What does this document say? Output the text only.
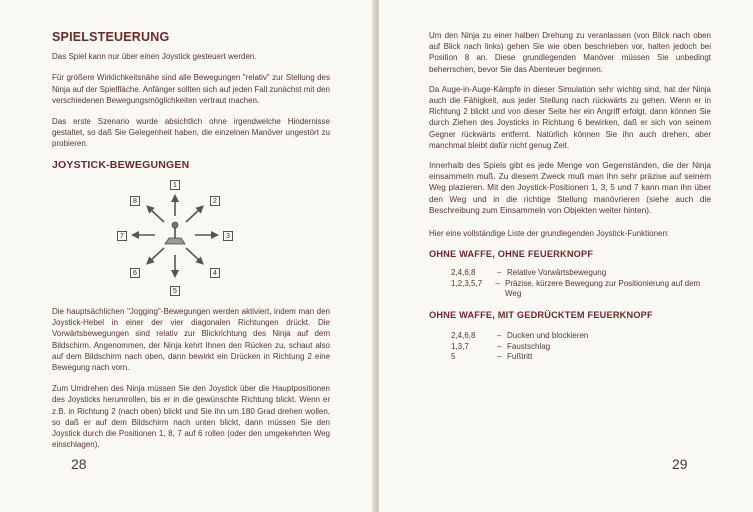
SPIELSTEUERUNG

Das Spiel kann nur über einen Joystick gesteuert werden.

Für größere Wirklichkeitsnähe sind alle Bewegungen "relativ" zur Stellung des Ninja auf der Spielfläche. Anfänger sollten sich auf jeden Fall zunächst mit den verschiedenen Bewegungsmöglichkeiten vertraut machen.

Das erste Szenario wurde absichtlich ohne irgendwelche Hindernisse gestaltet, so daß Sie Gelegenheit haben, die einzelnen Manöver ungestört zu probieren.

JOYSTICK-BEWEGUNGEN
1
2
3
4
5
6
7
8

Die hauptsächlichen "Jogging"-Bewegungen werden aktiviert, indem man den Joystick-Hebel in einer der vier diagonalen Richtungen drückt. Die Vorwärtsbewegungen sind relativ zur Blickrichtung des Ninja auf dem Bildschirm. Angenommen, der Ninja kehrt Ihnen den Rücken zu, schaut also auf dem Bildschirm nach oben, dann bewirkt ein Drücken in Richtung 2 eine Bewegung nach vorn.

Zum Umdrehen des Ninja müssen Sie den Joystick über die Hauptpositionen des Joysticks herumrollen, bis er in die gewünschte Richtung blickt. Wenn er z.B. in Richtung 2 (nach oben) blickt und Sie ihn um 180 Grad drehen wollen, so daß er auf dem Bildschirm nach unten blickt, dann müssen Sie den Joystick durch die Positionen 1, 8, 7 auf 6 rollen (oder den umgekehrten Weg einschlagen).

28

Um den Ninja zu einer halben Drehung zu veranlassen (von Blick nach oben auf Blick nach links) gehen Sie wie oben beschrieben vor, halten jedoch bei Position 8 an. Diese grundlegenden Manöver müssen Sie unbedingt beherrschen, bevor Sie das Abenteuer beginnen.

Da Auge-in-Auge-Kämpfe in dieser Simulation sehr wichtig sind, hat der Ninja auch die Fähigkeit, aus jeder Stellung nach rückwärts zu gehen. Wenn er in Richtung 2 blickt und von dieser Seite her ein Angriff erfolgt, dann können Sie durch Ziehen des Joysticks in Richtung 6 bewirken, daß er sich von seinem Gegner rückwärts entfernt. Natürlich können Sie ihn auch drehen, aber manchmal bleibt dafür nicht genug Zeit.

Innerhalb des Spiels gibt es jede Menge von Gegenständen, die der Ninja einsammeln muß. Zu diesem Zweck muß man ihn sehr präzise auf seinem Weg plazieren. Mit den Joystick-Positionen 1, 3, 5 und 7 kann man ihn über den Weg und in die richtige Stellung manövrieren (siehe auch die Beschreibung zum Einsammeln von Objekten weiter hinten).

Hier eine vollständige Liste der grundlegenden Joystick-Funktionen:

OHNE WAFFE, OHNE FEUERKNOPF
2,4,6,8	– Relative Vorwärtsbewegung
1,2,3,5,7	– Präzise, kürzere Bewegung zur Positionierung auf dem Weg
OHNE WAFFE, MIT GEDRÜCKTEM FEUERKNOPF
2,4,6,8	– Ducken und blockieren
1,3,7	– Faustschlag
5	– Fußtritt
29
